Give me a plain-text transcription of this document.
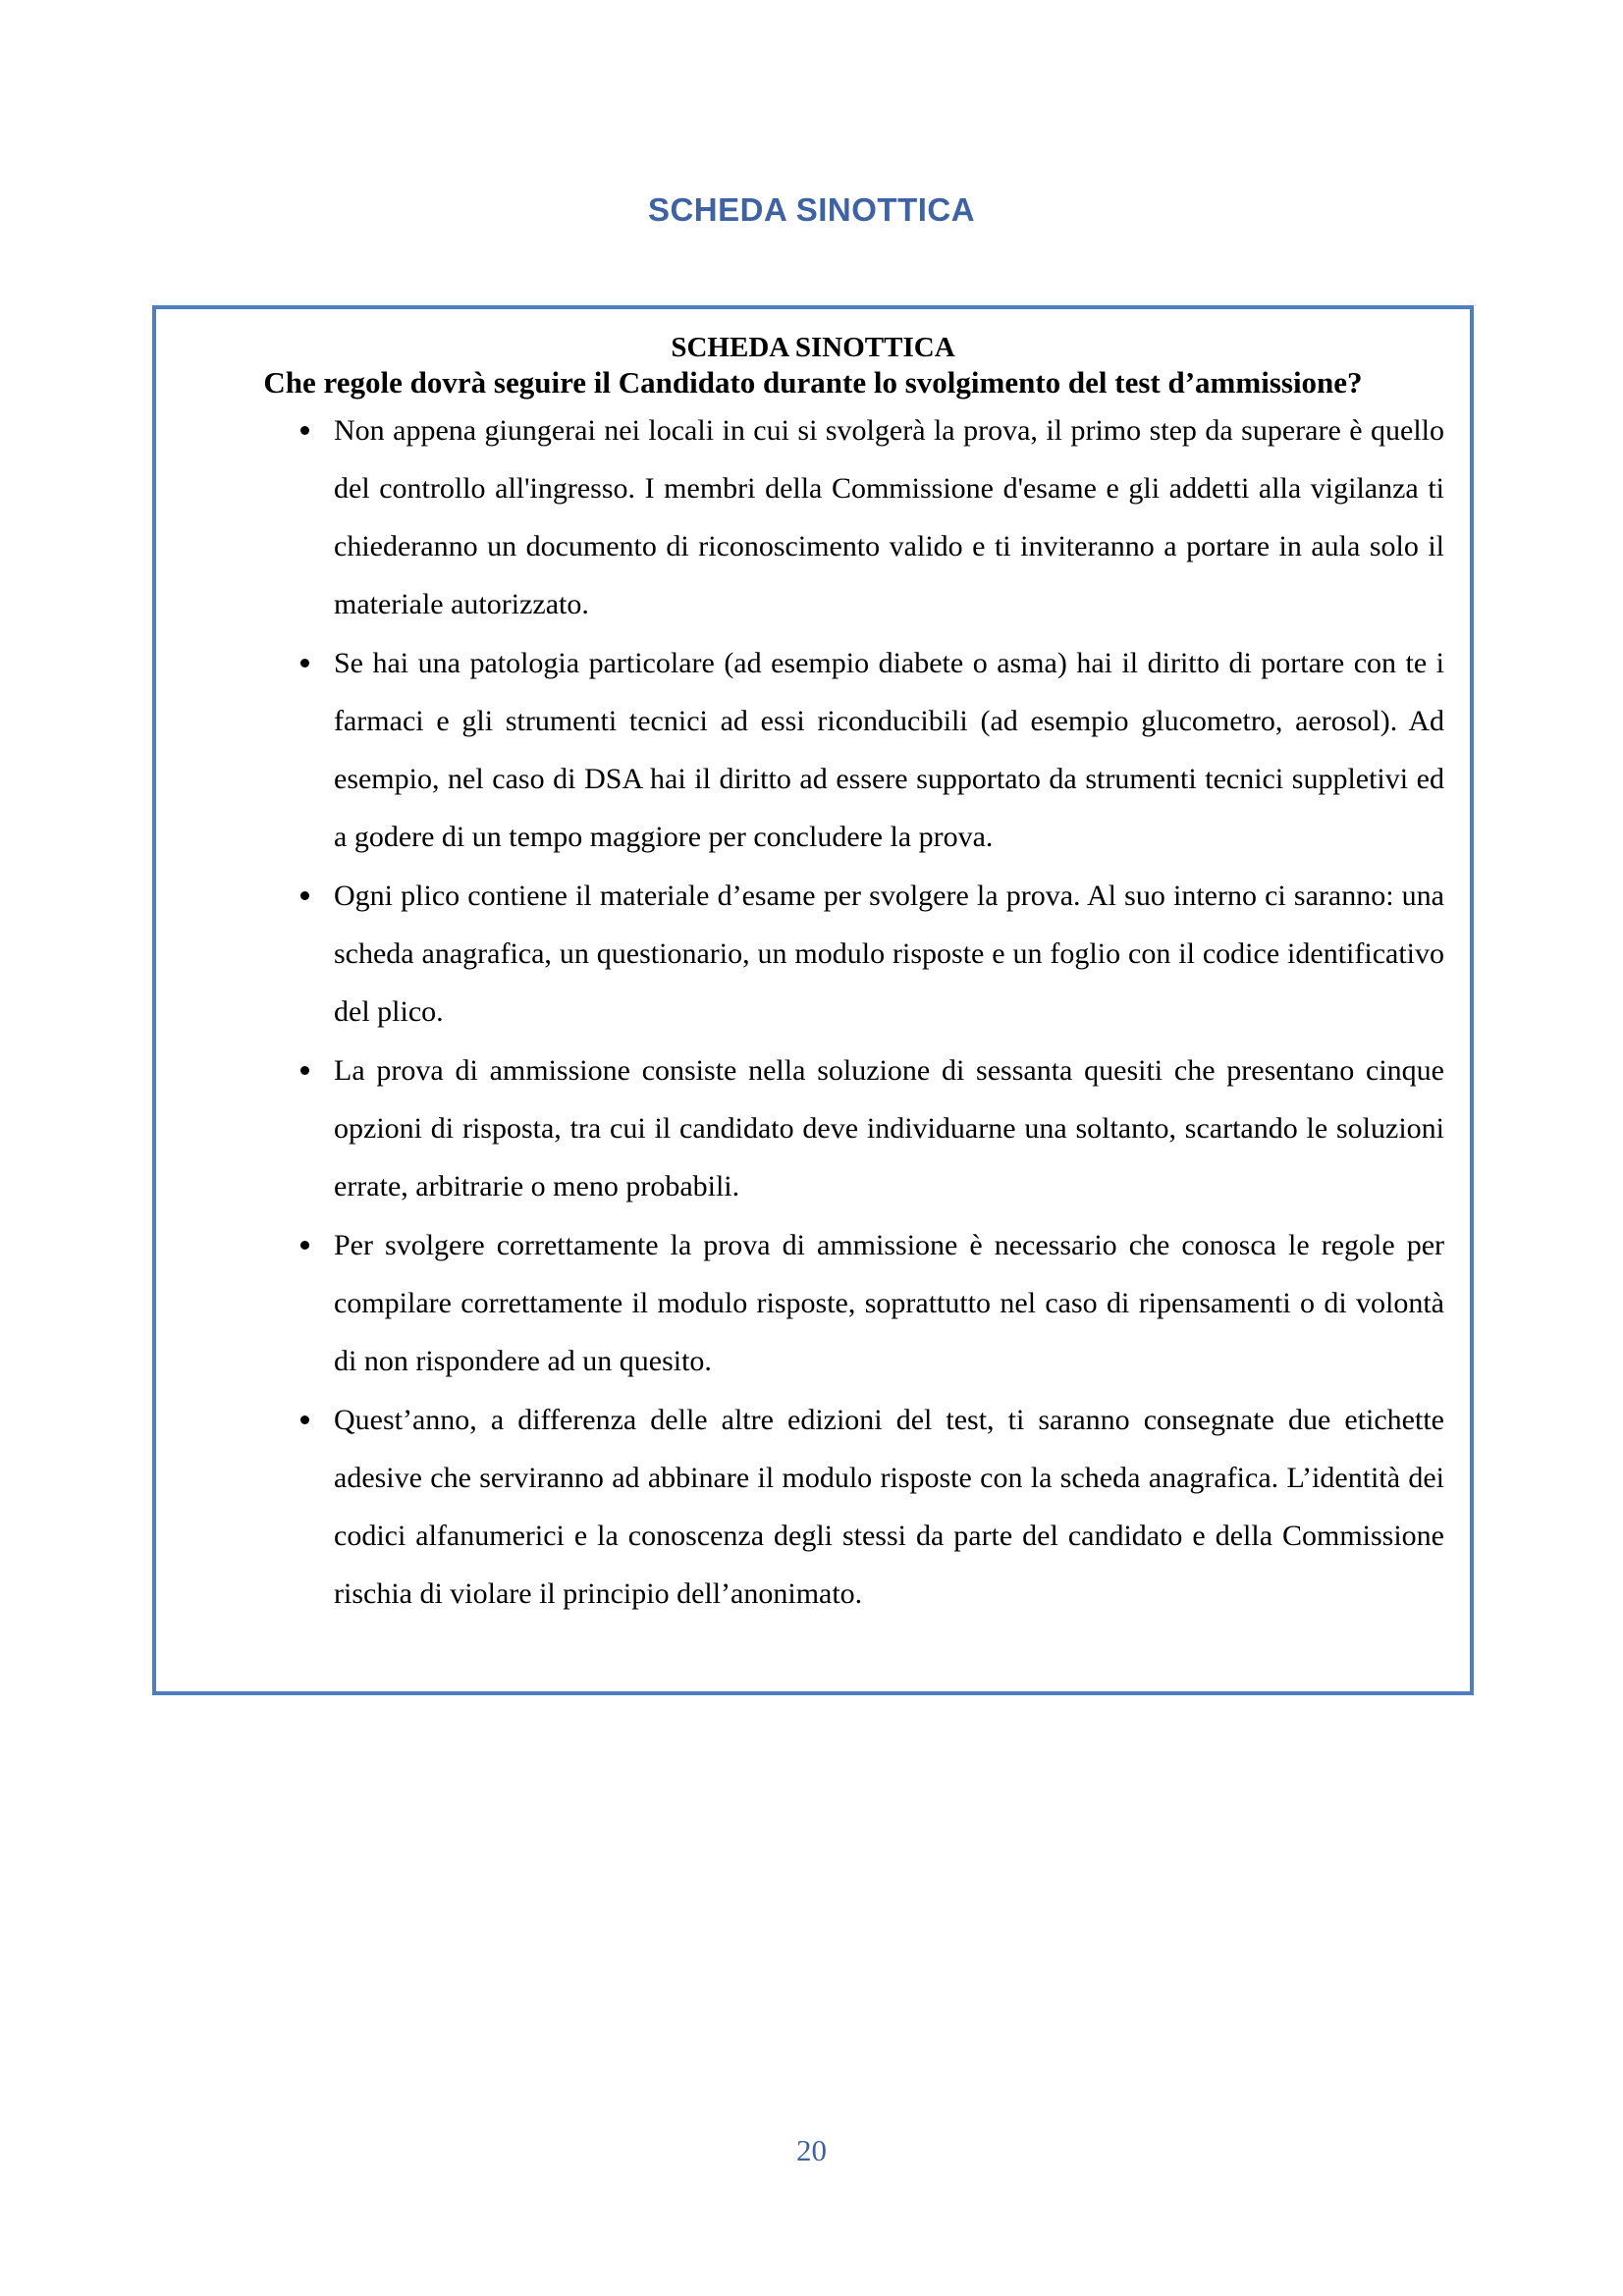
SCHEDA SINOTTICA

SCHEDA SINOTTICA

Che regole dovrà seguire il Candidato durante lo svolgimento del test d’ammissione?

Non appena giungerai nei locali in cui si svolgerà la prova, il primo step da superare è quello del controllo all'ingresso. I membri della Commissione d'esame e gli addetti alla vigilanza ti chiederanno un documento di riconoscimento valido e ti inviteranno a portare in aula solo il materiale autorizzato.
Se hai una patologia particolare (ad esempio diabete o asma) hai il diritto di portare con te i farmaci e gli strumenti tecnici ad essi riconducibili (ad esempio glucometro, aerosol). Ad esempio, nel caso di DSA hai il diritto ad essere supportato da strumenti tecnici suppletivi ed a godere di un tempo maggiore per concludere la prova.
Ogni plico contiene il materiale d’esame per svolgere la prova. Al suo interno ci saranno: una scheda anagrafica, un questionario, un modulo risposte e un foglio con il codice identificativo del plico.
La prova di ammissione consiste nella soluzione di sessanta quesiti che presentano cinque opzioni di risposta, tra cui il candidato deve individuarne una soltanto, scartando le soluzioni errate, arbitrarie o meno probabili.
Per svolgere correttamente la prova di ammissione è necessario che conosca le regole per compilare correttamente il modulo risposte, soprattutto nel caso di ripensamenti o di volontà di non rispondere ad un quesito.
Quest’anno, a differenza delle altre edizioni del test, ti saranno consegnate due etichette adesive che serviranno ad abbinare il modulo risposte con la scheda anagrafica. L’identità dei codici alfanumerici e la conoscenza degli stessi da parte del candidato e della Commissione rischia di violare il principio dell’anonimato.

20
